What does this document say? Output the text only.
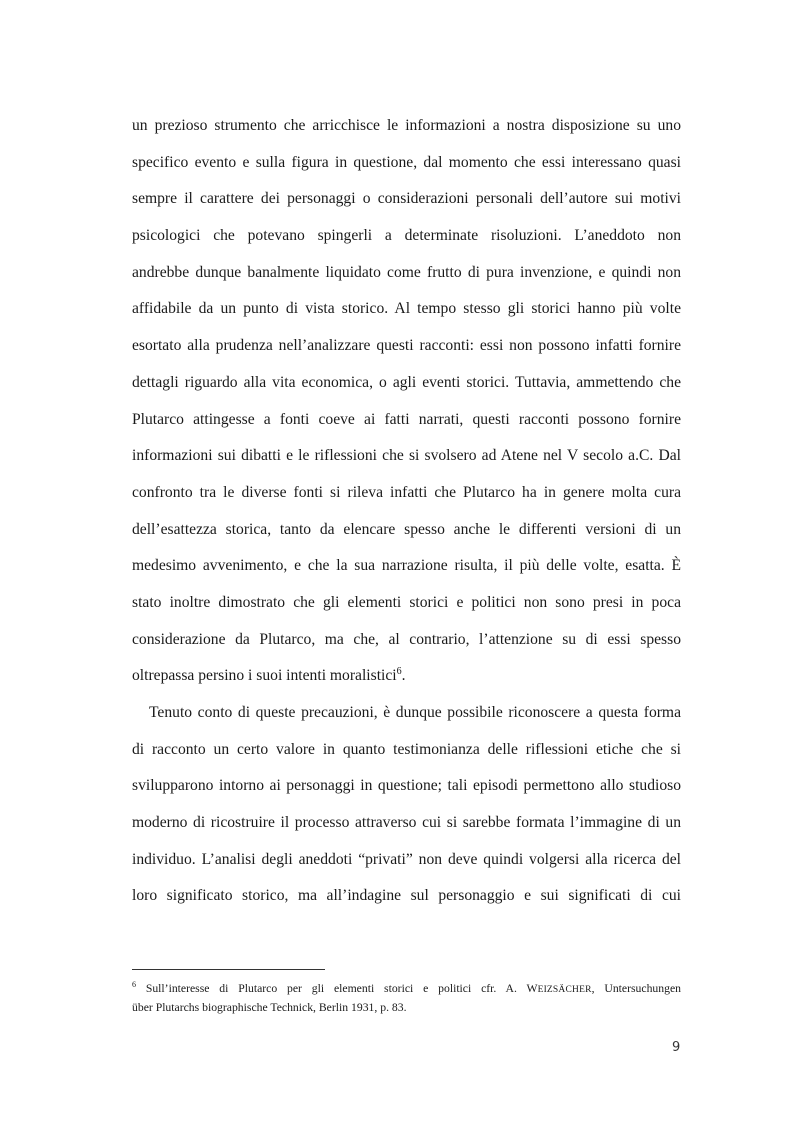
un prezioso strumento che arricchisce le informazioni a nostra disposizione su uno
specifico evento e sulla figura in questione, dal momento che essi interessano quasi
sempre il carattere dei personaggi o considerazioni personali dell’autore sui motivi
psicologici che potevano spingerli a determinate risoluzioni. L’aneddoto non
andrebbe dunque banalmente liquidato come frutto di pura invenzione, e quindi non
affidabile da un punto di vista storico. Al tempo stesso gli storici hanno più volte
esortato alla prudenza nell’analizzare questi racconti: essi non possono infatti fornire
dettagli riguardo alla vita economica, o agli eventi storici. Tuttavia, ammettendo che
Plutarco attingesse a fonti coeve ai fatti narrati, questi racconti possono fornire
informazioni sui dibatti e le riflessioni che si svolsero ad Atene nel V secolo a.C. Dal
confronto tra le diverse fonti si rileva infatti che Plutarco ha in genere molta cura
dell’esattezza storica, tanto da elencare spesso anche le differenti versioni di un
medesimo avvenimento, e che la sua narrazione risulta, il più delle volte, esatta. È
stato inoltre dimostrato che gli elementi storici e politici non sono presi in poca
considerazione da Plutarco, ma che, al contrario, l’attenzione su di essi spesso
oltrepassa persino i suoi intenti moralistici$^6$.
Tenuto conto di queste precauzioni, è dunque possibile riconoscere a questa forma
di racconto un certo valore in quanto testimonianza delle riflessioni etiche che si
svilupparono intorno ai personaggi in questione; tali episodi permettono allo studioso
moderno di ricostruire il processo attraverso cui si sarebbe formata l’immagine di un
individuo. L’analisi degli aneddoti “privati” non deve quindi volgersi alla ricerca del
loro significato storico, ma all’indagine sul personaggio e sui significati di cui
$^6$ Sull’interesse di Plutarco per gli elementi storici e politici cfr. A. WEIZSÄCHER, Untersuchungen
über Plutarchs biographische Technick, Berlin 1931, p. 83.
9
